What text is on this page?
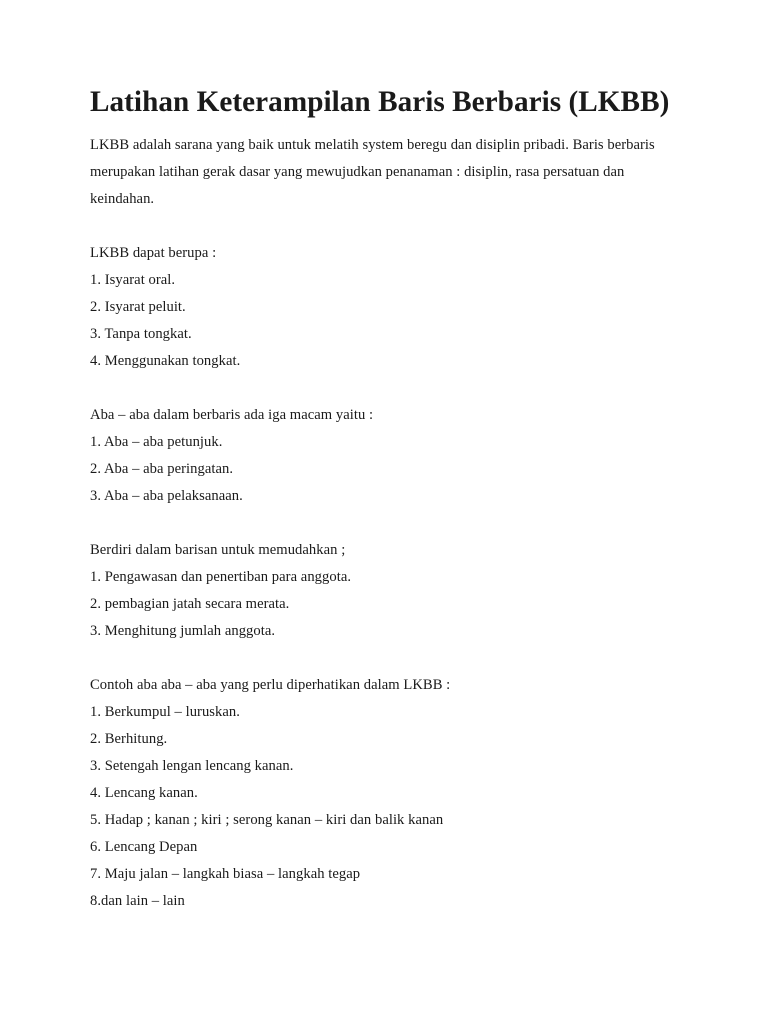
Latihan Keterampilan Baris Berbaris (LKBB)
LKBB adalah sarana yang baik untuk melatih system beregu dan disiplin pribadi. Baris berbaris
merupakan latihan gerak dasar yang mewujudkan penanaman : disiplin, rasa persatuan dan
keindahan.
LKBB dapat berupa :
1. Isyarat oral.
2. Isyarat peluit.
3. Tanpa tongkat.
4. Menggunakan tongkat.
Aba – aba dalam berbaris ada iga macam yaitu :
1. Aba – aba petunjuk.
2. Aba – aba peringatan.
3. Aba – aba pelaksanaan.
Berdiri dalam barisan untuk memudahkan ;
1. Pengawasan dan penertiban para anggota.
2. pembagian jatah secara merata.
3. Menghitung jumlah anggota.
Contoh aba aba – aba yang perlu diperhatikan dalam LKBB :
1. Berkumpul – luruskan.
2. Berhitung.
3. Setengah lengan lencang kanan.
4. Lencang kanan.
5. Hadap ; kanan ; kiri ; serong kanan – kiri dan balik kanan
6. Lencang Depan
7. Maju jalan – langkah biasa – langkah tegap
8.dan lain – lain
